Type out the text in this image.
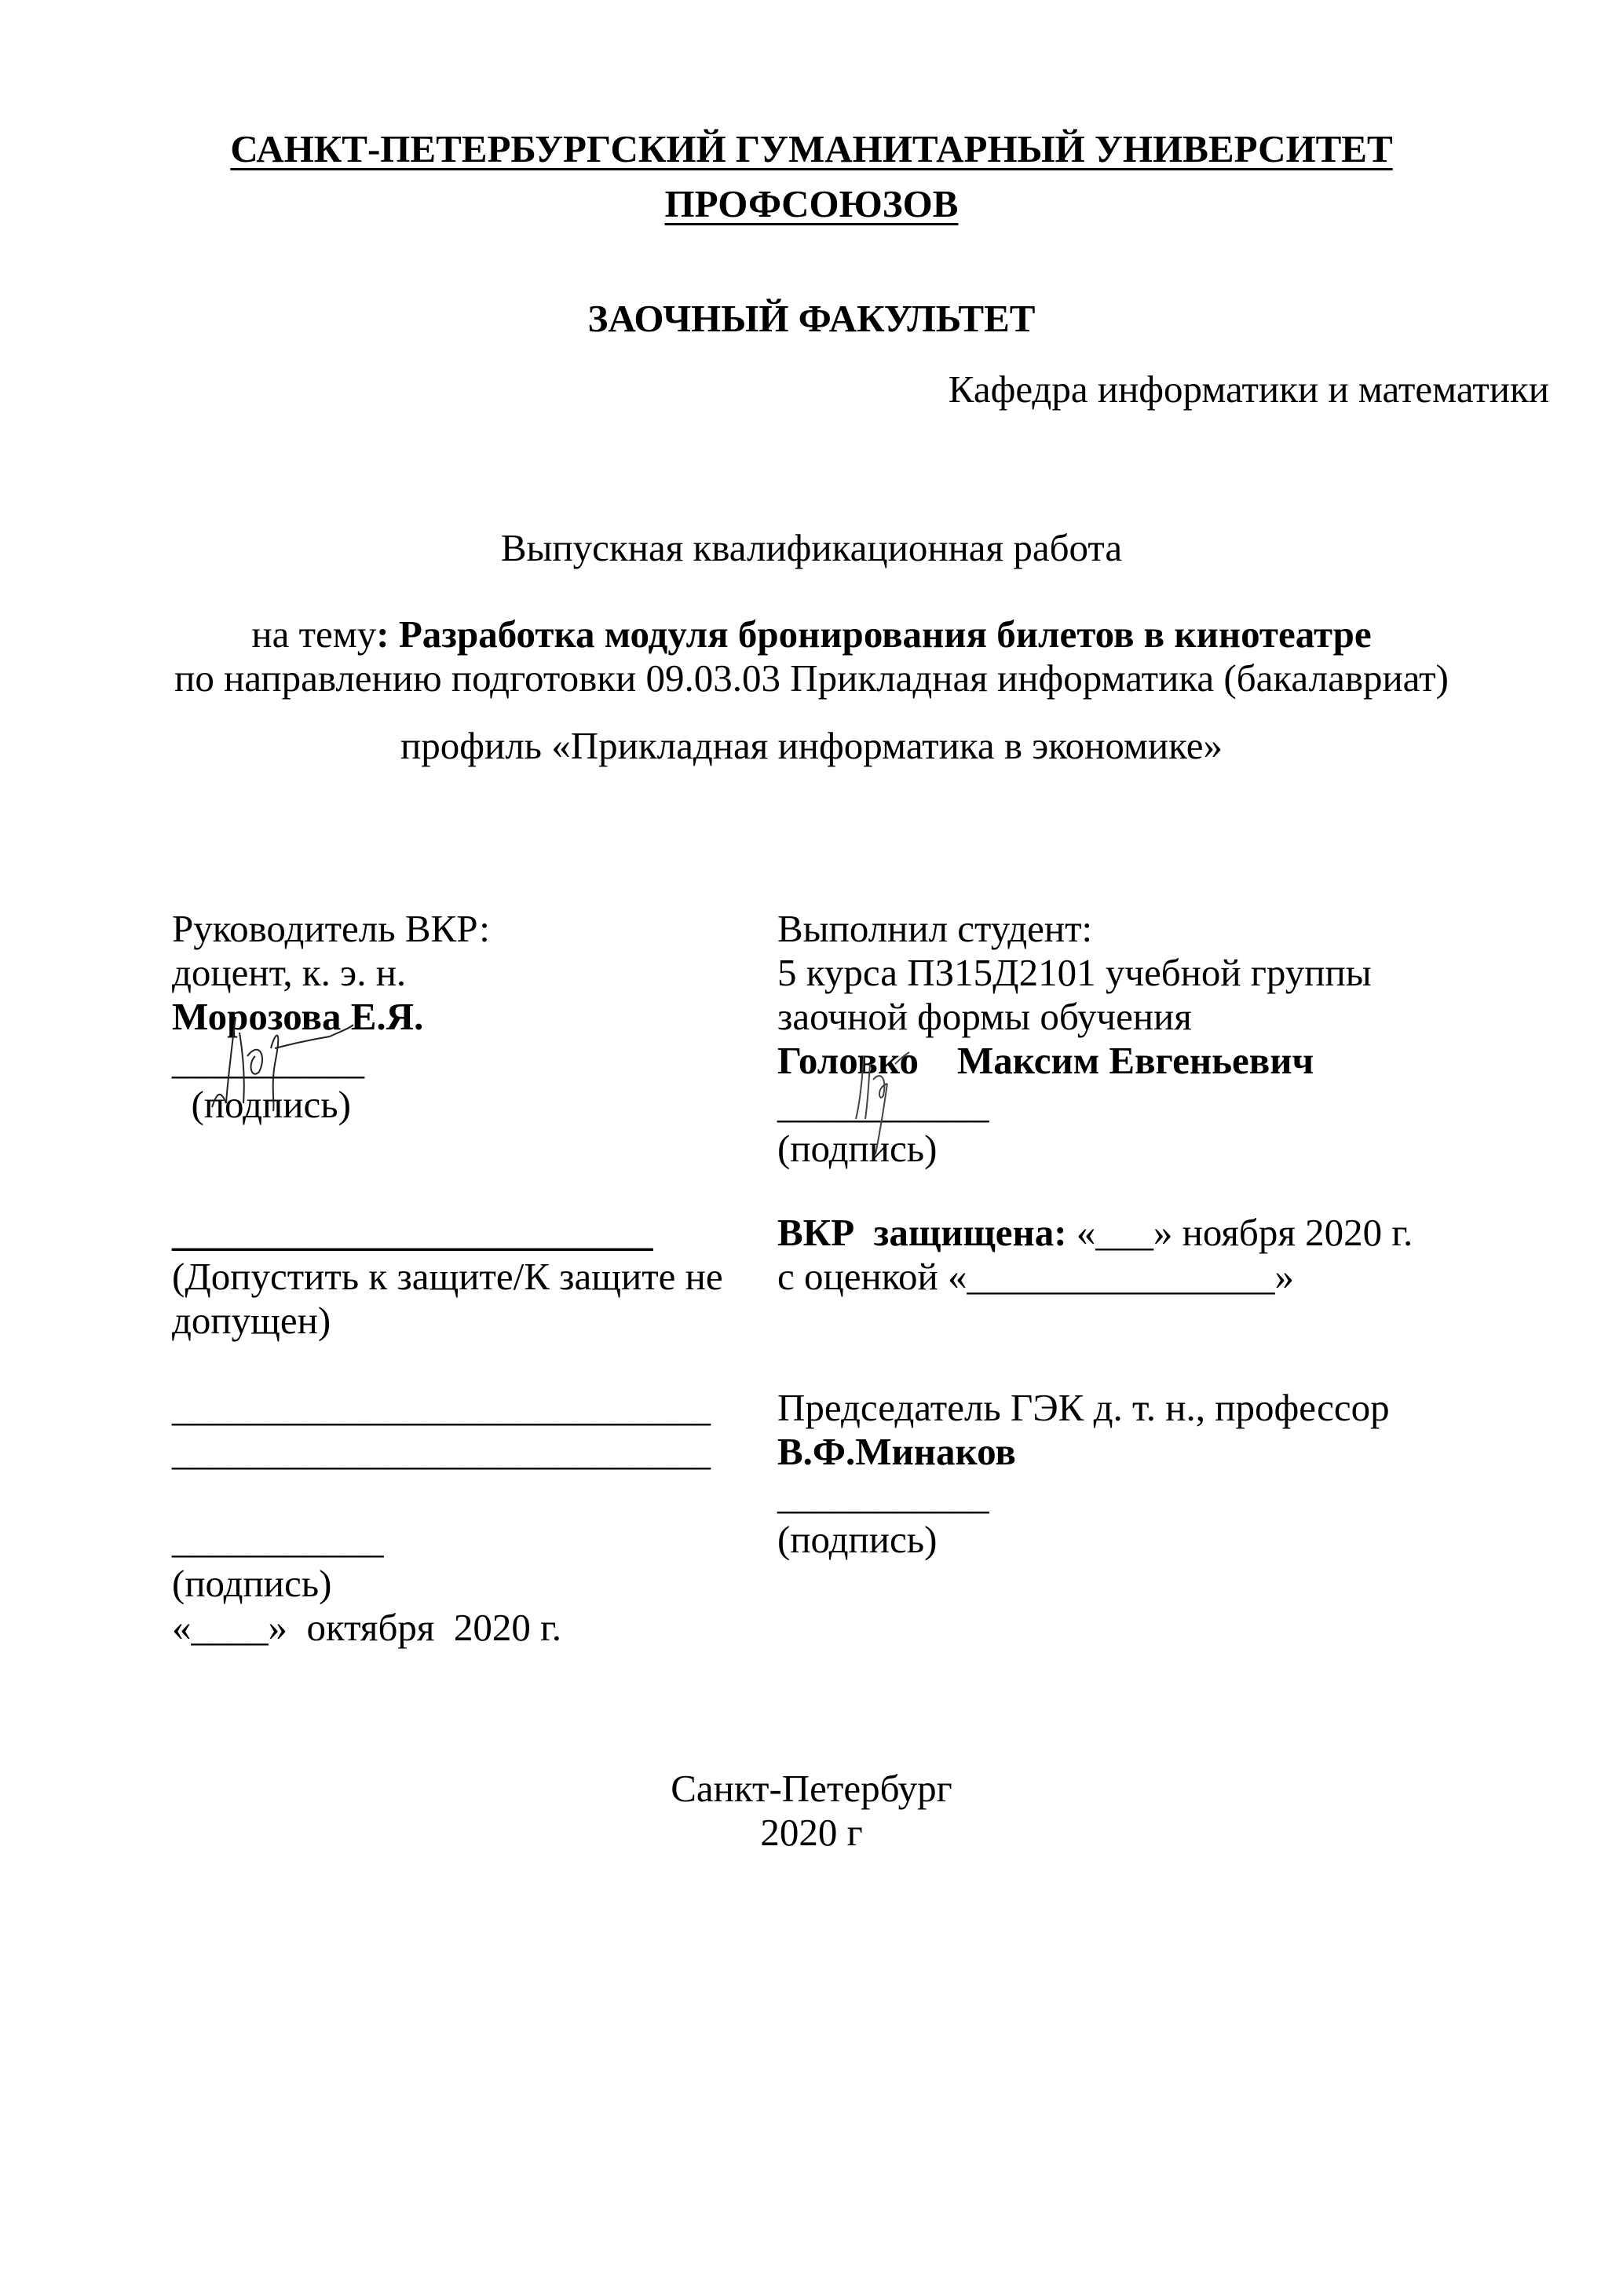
САНКТ-ПЕТЕРБУРГСКИЙ ГУМАНИТАРНЫЙ УНИВЕРСИТЕТ
ПРОФСОЮЗОВ
ЗАОЧНЫЙ ФАКУЛЬТЕТ
Кафедра информатики и математики
Выпускная квалификационная работа
на тему: Разработка модуля бронирования билетов в кинотеатре
по направлению подготовки 09.03.03 Прикладная информатика (бакалавриат)
профиль «Прикладная информатика в экономике»
Руководитель ВКР:
доцент, к. э. н.
Морозова Е.Я.
__________
(подпись)
_________________________
(Допустить к защите/К защите не
допущен)
____________________________
____________________________
___________
(подпись)
«____»  октября  2020 г.
Выполнил студент:
5 курса ПЗ15Д2101 учебной группы
заочной формы обучения
Головко    Максим Евгеньевич
___________
(подпись)
ВКР  защищена: «___» ноября 2020 г.
с оценкой «________________»
Председатель ГЭК д. т. н., профессор
В.Ф.Минаков
___________
(подпись)
Санкт-Петербург
2020 г
